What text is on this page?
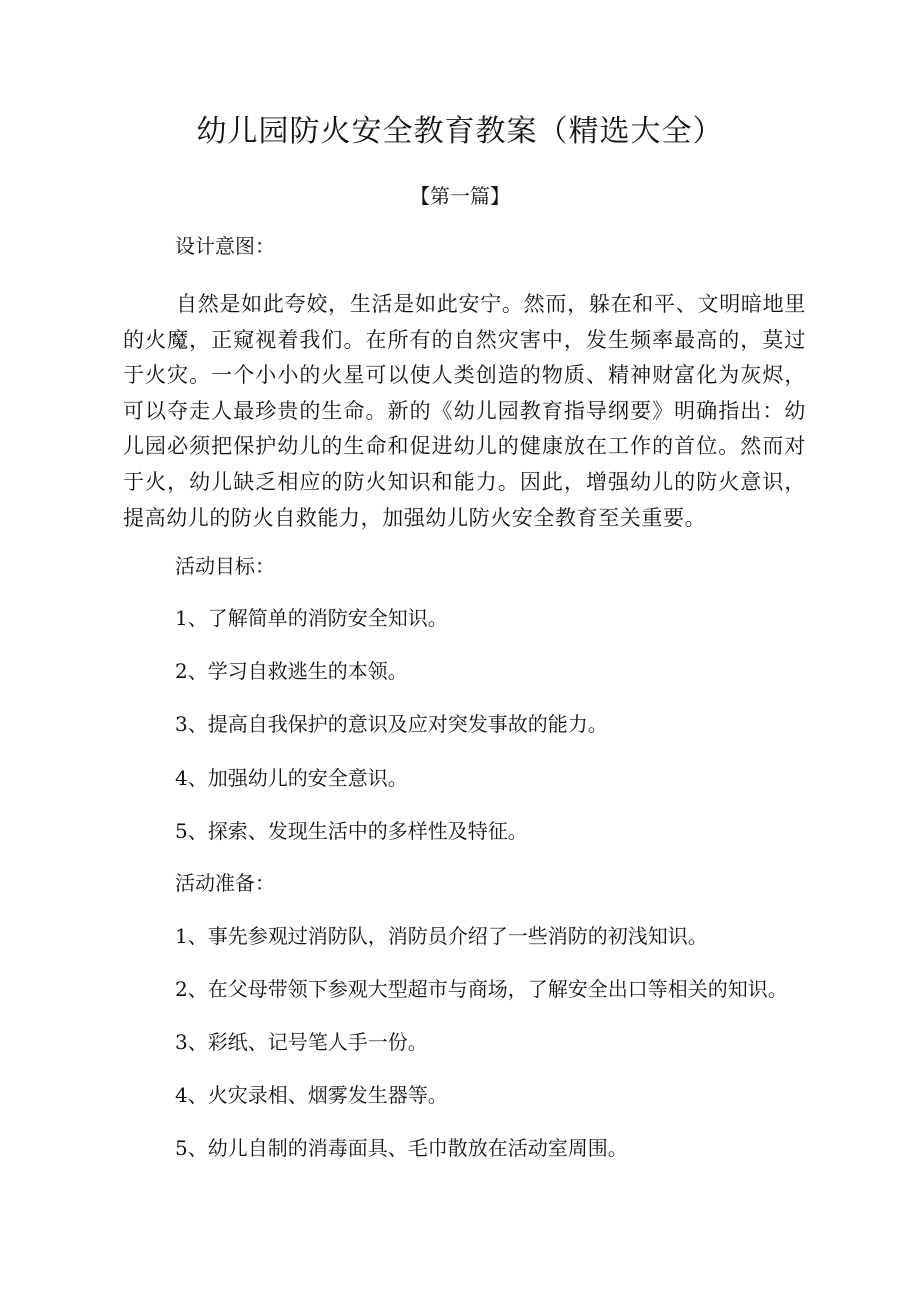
幼儿园防火安全教育教案（精选大全）
【第一篇】
设计意图：
自然是如此夸姣，生活是如此安宁。然而，躲在和平、文明暗地里的火魔，正窥视着我们。在所有的自然灾害中，发生频率最高的，莫过于火灾。一个小小的火星可以使人类创造的物质、精神财富化为灰烬，可以夺走人最珍贵的生命。新的《幼儿园教育指导纲要》明确指出：幼儿园必须把保护幼儿的生命和促进幼儿的健康放在工作的首位。然而对于火，幼儿缺乏相应的防火知识和能力。因此，增强幼儿的防火意识，提高幼儿的防火自救能力，加强幼儿防火安全教育至关重要。
活动目标：
1、了解简单的消防安全知识。
2、学习自救逃生的本领。
3、提高自我保护的意识及应对突发事故的能力。
4、加强幼儿的安全意识。
5、探索、发现生活中的多样性及特征。
活动准备：
1、事先参观过消防队，消防员介绍了一些消防的初浅知识。
2、在父母带领下参观大型超市与商场，了解安全出口等相关的知识。
3、彩纸、记号笔人手一份。
4、火灾录相、烟雾发生器等。
5、幼儿自制的消毒面具、毛巾散放在活动室周围。
